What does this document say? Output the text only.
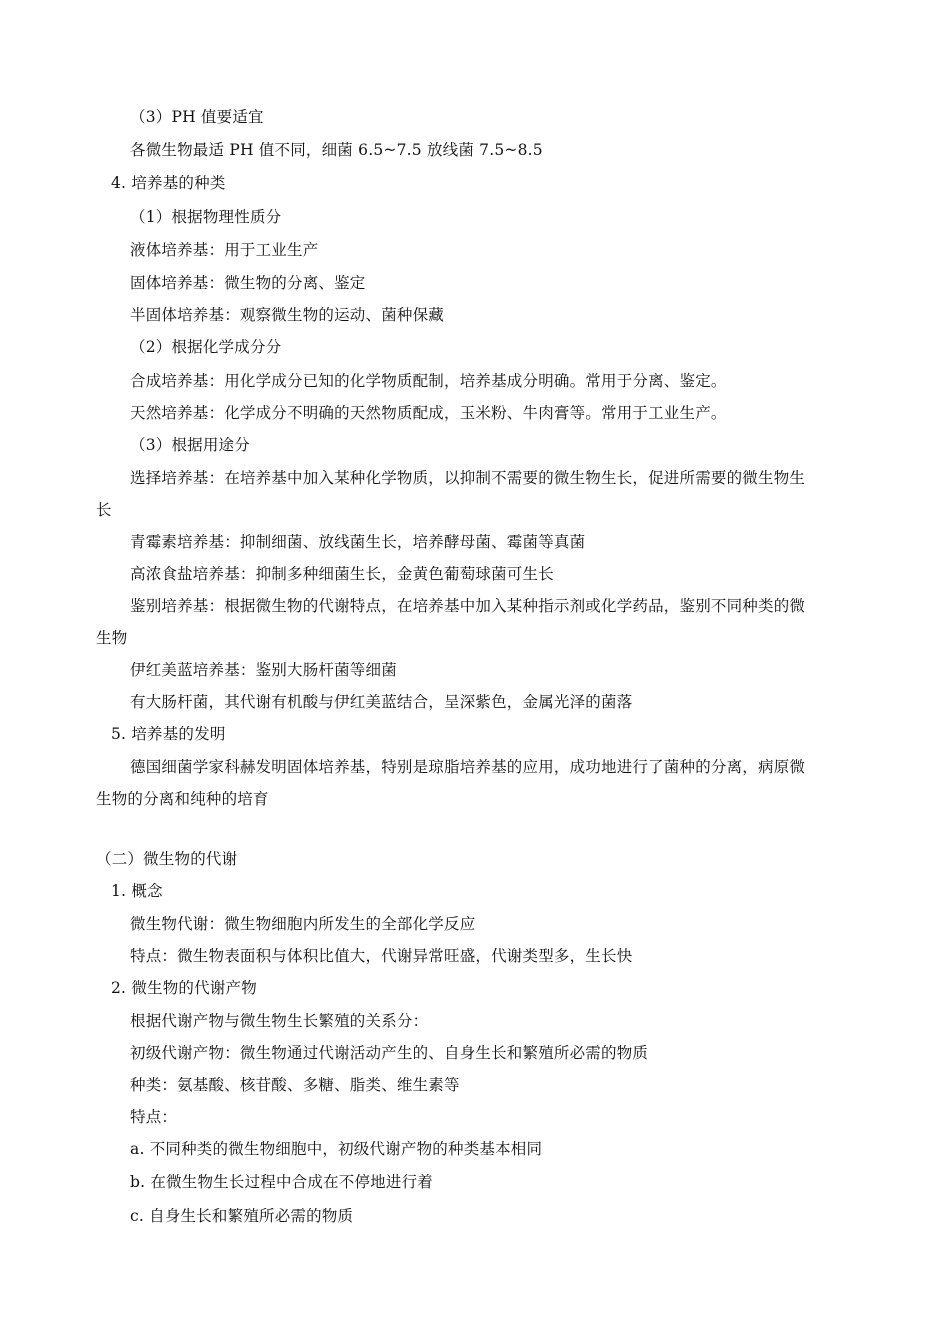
（3）PH 值要适宜
各微生物最适 PH 值不同，细菌 6.5~7.5 放线菌 7.5~8.5
4. 培养基的种类
（1）根据物理性质分
液体培养基：用于工业生产
固体培养基：微生物的分离、鉴定
半固体培养基：观察微生物的运动、菌种保藏
（2）根据化学成分分
合成培养基：用化学成分已知的化学物质配制，培养基成分明确。常用于分离、鉴定。
天然培养基：化学成分不明确的天然物质配成，玉米粉、牛肉膏等。常用于工业生产。
（3）根据用途分
选择培养基：在培养基中加入某种化学物质，以抑制不需要的微生物生长，促进所需要的微生物生
长
青霉素培养基：抑制细菌、放线菌生长，培养酵母菌、霉菌等真菌
高浓食盐培养基：抑制多种细菌生长，金黄色葡萄球菌可生长
鉴别培养基：根据微生物的代谢特点，在培养基中加入某种指示剂或化学药品，鉴别不同种类的微
生物
伊红美蓝培养基：鉴别大肠杆菌等细菌
有大肠杆菌，其代谢有机酸与伊红美蓝结合，呈深紫色，金属光泽的菌落
5. 培养基的发明
德国细菌学家科赫发明固体培养基，特别是琼脂培养基的应用，成功地进行了菌种的分离，病原微
生物的分离和纯种的培育
（二）微生物的代谢
1. 概念
微生物代谢：微生物细胞内所发生的全部化学反应
特点：微生物表面积与体积比值大，代谢异常旺盛，代谢类型多，生长快
2. 微生物的代谢产物
根据代谢产物与微生物生长繁殖的关系分：
初级代谢产物：微生物通过代谢活动产生的、自身生长和繁殖所必需的物质
种类：氨基酸、核苷酸、多糖、脂类、维生素等
特点：
a. 不同种类的微生物细胞中，初级代谢产物的种类基本相同
b. 在微生物生长过程中合成在不停地进行着
c. 自身生长和繁殖所必需的物质
